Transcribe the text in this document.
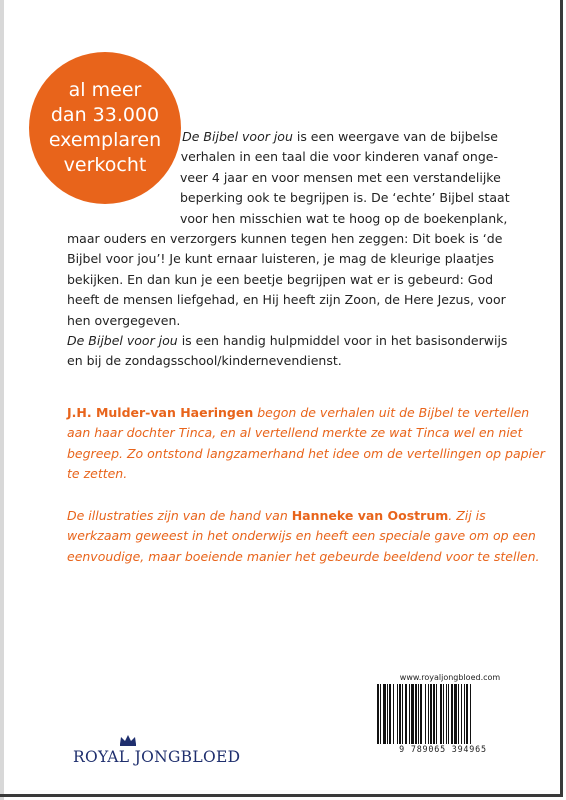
al meer
dan 33.000
exemplaren
verkocht
De Bijbel voor jou is een weergave van de bijbelse
verhalen in een taal die voor kinderen vanaf onge-
veer 4 jaar en voor mensen met een verstandelijke
beperking ook te begrijpen is. De ‘echte’ Bijbel staat
voor hen misschien wat te hoog op de boekenplank,
maar ouders en verzorgers kunnen tegen hen zeggen: Dit boek is ‘de
Bijbel voor jou’! Je kunt ernaar luisteren, je mag de kleurige plaatjes
bekijken. En dan kun je een beetje begrijpen wat er is gebeurd: God
heeft de mensen liefgehad, en Hij heeft zijn Zoon, de Here Jezus, voor
hen overgegeven.
De Bijbel voor jou is een handig hulpmiddel voor in het basisonderwijs
en bij de zondagsschool/kindernevendienst.
J.H. Mulder-van Haeringen begon de verhalen uit de Bijbel te vertellen
aan haar dochter Tinca, en al vertellend merkte ze wat Tinca wel en niet
begreep. Zo ontstond langzamerhand het idee om de vertellingen op papier
te zetten.
De illustraties zijn van de hand van Hanneke van Oostrum. Zij is
werkzaam geweest in het onderwijs en heeft een speciale gave om op een
eenvoudige, maar boeiende manier het gebeurde beeldend voor te stellen.
www.royaljongbloed.com
9 789065 394965
ROYAL JONGBLOED
